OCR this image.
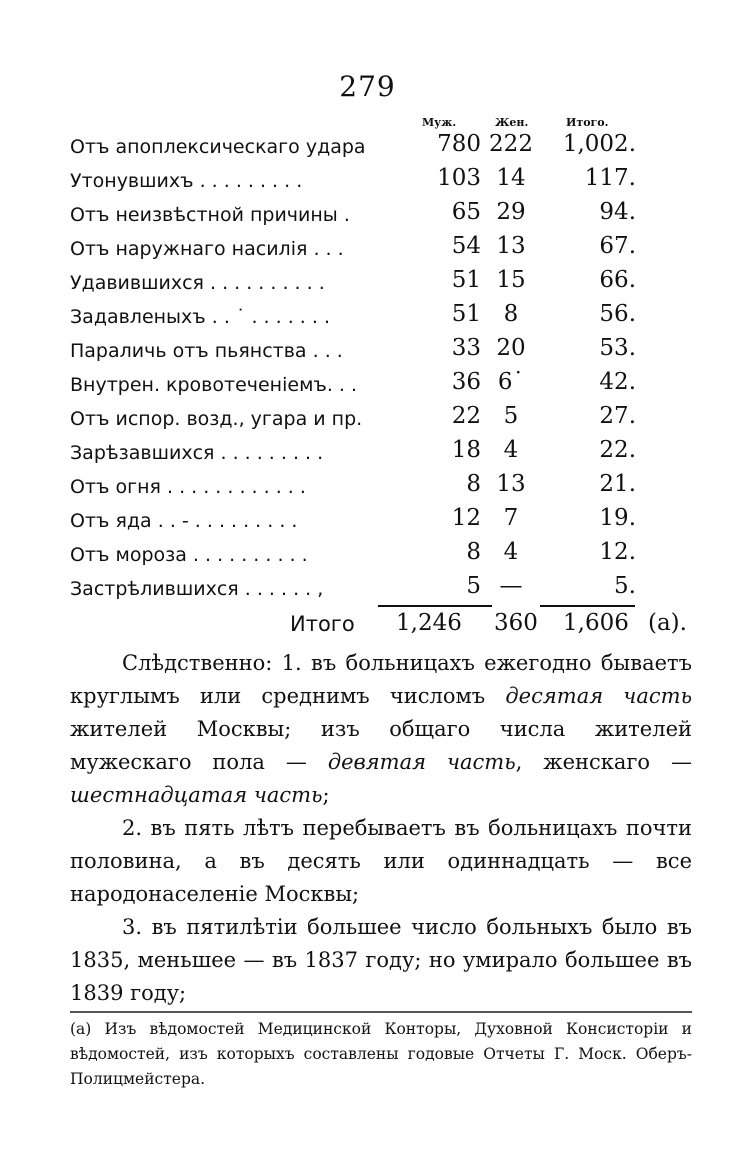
279
Муж.	Жен.	Итого.
Отъ апоплексическаго удара	780 222	1,002.
Утонувшихъ . . . . . . . . .	103 14	117.
Отъ неизвѣстной причины .	65 29	94.
Отъ наружнаго насилія . . .	54 13	67.
Удавившихся . . . . . . . . . .	51 15	66.
Задавленыхъ . . ˙ . . . . . . .	51 8	56.
Параличь отъ пьянства . . .	33 20	53.
Внутрен. кровотеченіемъ. . .	36 6˙	42.
Отъ испор. возд., угара и пр.	22 5	27.
Зарѣзавшихся . . . . . . . . .	18 4	22.
Отъ огня . . . . . . . . . . . .	8 13	21.
Отъ яда . . - . . . . . . . . .	12 7	19.
Отъ мороза . . . . . . . . . .	8 4	12.
Застрѣлившихся . . . . . . ,	5 —	5.
Итого 1,246 360 1,606 (а).

Слѣдственно: 1. въ больницахъ ежегодно бываетъ круглымъ или среднимъ числомъ десятая часть жителей Москвы; изъ общаго числа жителей мужескаго пола — девятая часть, женскаго — шестнадцатая часть;

2. въ пять лѣтъ перебываетъ въ больницахъ почти половина, а въ десять или одиннадцать — все народонаселеніе Москвы;

3. въ пятилѣтіи большее число больныхъ было въ 1835, меньшее — въ 1837 году; но умирало большее въ 1839 году;

(а) Изъ вѣдомостей Медицинской Конторы, Духовной Консисторіи и вѣдомостей, изъ которыхъ составлены годовые Отчеты Г. Моск. Оберъ-Полицмейстера.
